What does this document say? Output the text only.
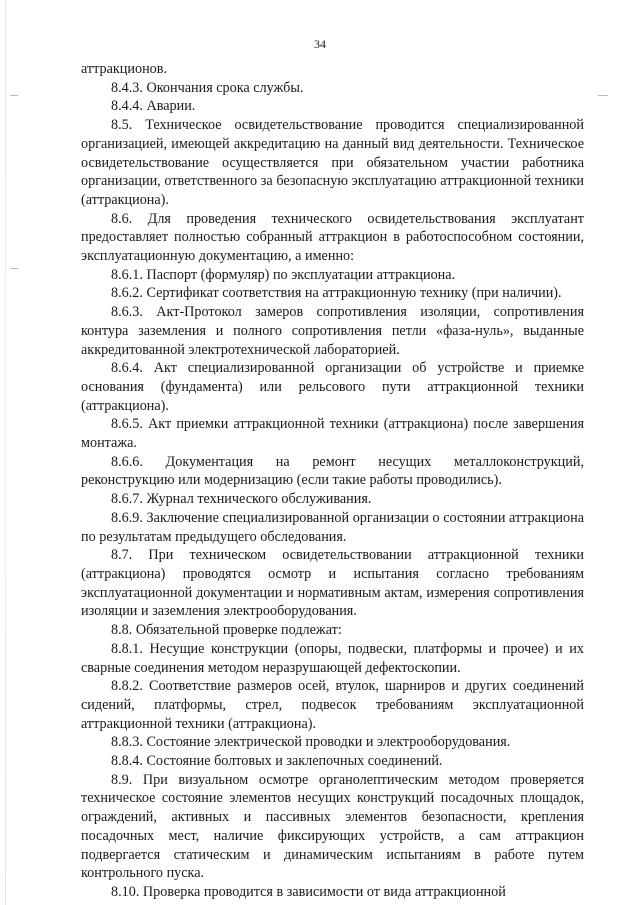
34

аттракционов.

8.4.3. Окончания срока службы.

8.4.4. Аварии.

8.5. Техническое освидетельствование проводится специализированной организацией, имеющей аккредитацию на данный вид деятельности. Техническое освидетельствование осуществляется при обязательном участии работника организации, ответственного за безопасную эксплуатацию аттракционной техники (аттракциона).

8.6. Для проведения технического освидетельствования эксплуатант предоставляет полностью собранный аттракцион в работоспособном состоянии, эксплуатационную документацию, а именно:

8.6.1. Паспорт (формуляр) по эксплуатации аттракциона.

8.6.2. Сертификат соответствия на аттракционную технику (при наличии).

8.6.3. Акт-Протокол замеров сопротивления изоляции, сопротивления контура заземления и полного сопротивления петли «фаза-нуль», выданные аккредитованной электротехнической лабораторией.

8.6.4. Акт специализированной организации об устройстве и приемке основания (фундамента) или рельсового пути аттракционной техники (аттракциона).

8.6.5. Акт приемки аттракционной техники (аттракциона) после завершения монтажа.

8.6.6. Документация на ремонт несущих металлоконструкций, реконструкцию или модернизацию (если такие работы проводились).

8.6.7. Журнал технического обслуживания.

8.6.9. Заключение специализированной организации о состоянии аттракциона по результатам предыдущего обследования.

8.7. При техническом освидетельствовании аттракционной техники (аттракциона) проводятся осмотр и испытания согласно требованиям эксплуатационной документации и нормативным актам, измерения сопротивления изоляции и заземления электрооборудования.

8.8. Обязательной проверке подлежат:

8.8.1. Несущие конструкции (опоры, подвески, платформы и прочее) и их сварные соединения методом неразрушающей дефектоскопии.

8.8.2. Соответствие размеров осей, втулок, шарниров и других соединений сидений, платформы, стрел, подвесок требованиям эксплуатационной аттракционной техники (аттракциона).

8.8.3. Состояние электрической проводки и электрооборудования.

8.8.4. Состояние болтовых и заклепочных соединений.

8.9. При визуальном осмотре органолептическим методом проверяется техническое состояние элементов несущих конструкций посадочных площадок, ограждений, активных и пассивных элементов безопасности, крепления посадочных мест, наличие фиксирующих устройств, а сам аттракцион подвергается статическим и динамическим испытаниям в работе путем контрольного пуска.

8.10. Проверка проводится в зависимости от вида аттракционной
